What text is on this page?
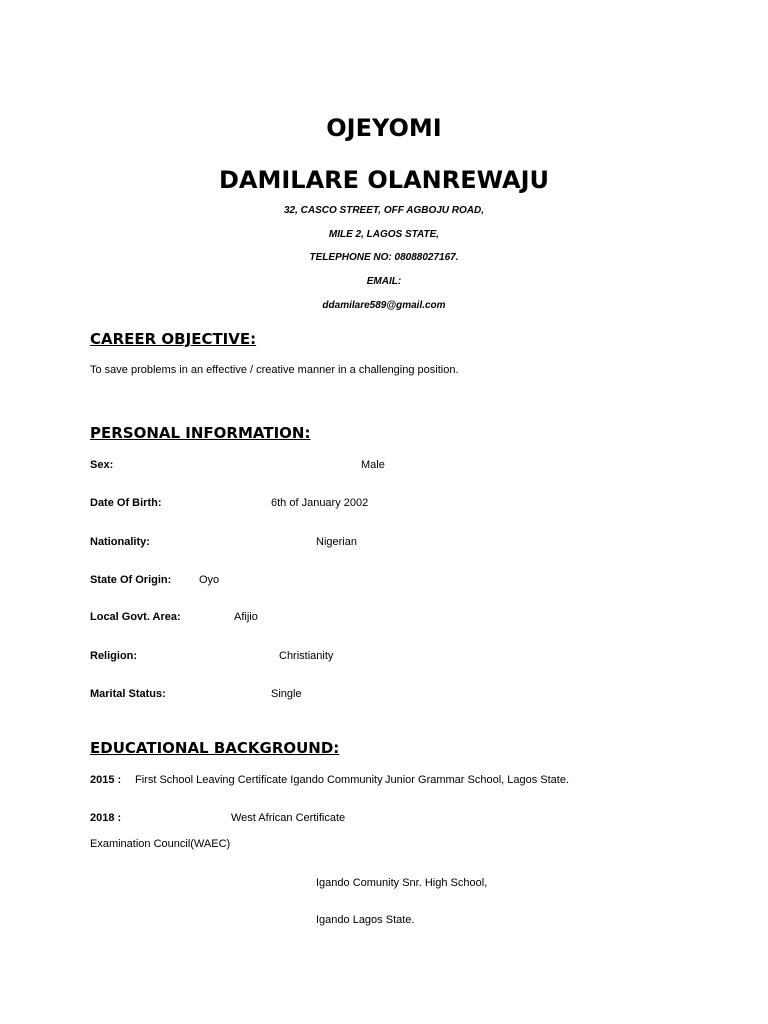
OJEYOMI
DAMILARE OLANREWAJU
32, CASCO STREET, OFF AGBOJU ROAD,
MILE 2, LAGOS STATE,
TELEPHONE NO: 08088027167.
EMAIL:
ddamilare589@gmail.com
CAREER OBJECTIVE:
To save problems in an effective / creative manner in a challenging position.
PERSONAL INFORMATION:
Sex:	Male
Date Of Birth:	6th of January 2002
Nationality:	Nigerian
State Of Origin:	Oyo
Local Govt. Area:	Afijio
Religion:	Christianity
Marital Status:	Single
EDUCATIONAL BACKGROUND:
2015 : First School Leaving Certificate Igando Community Junior Grammar School, Lagos State.
2018 :	West African Certificate
Examination Council(WAEC)
Igando Comunity Snr. High School,
Igando Lagos State.
